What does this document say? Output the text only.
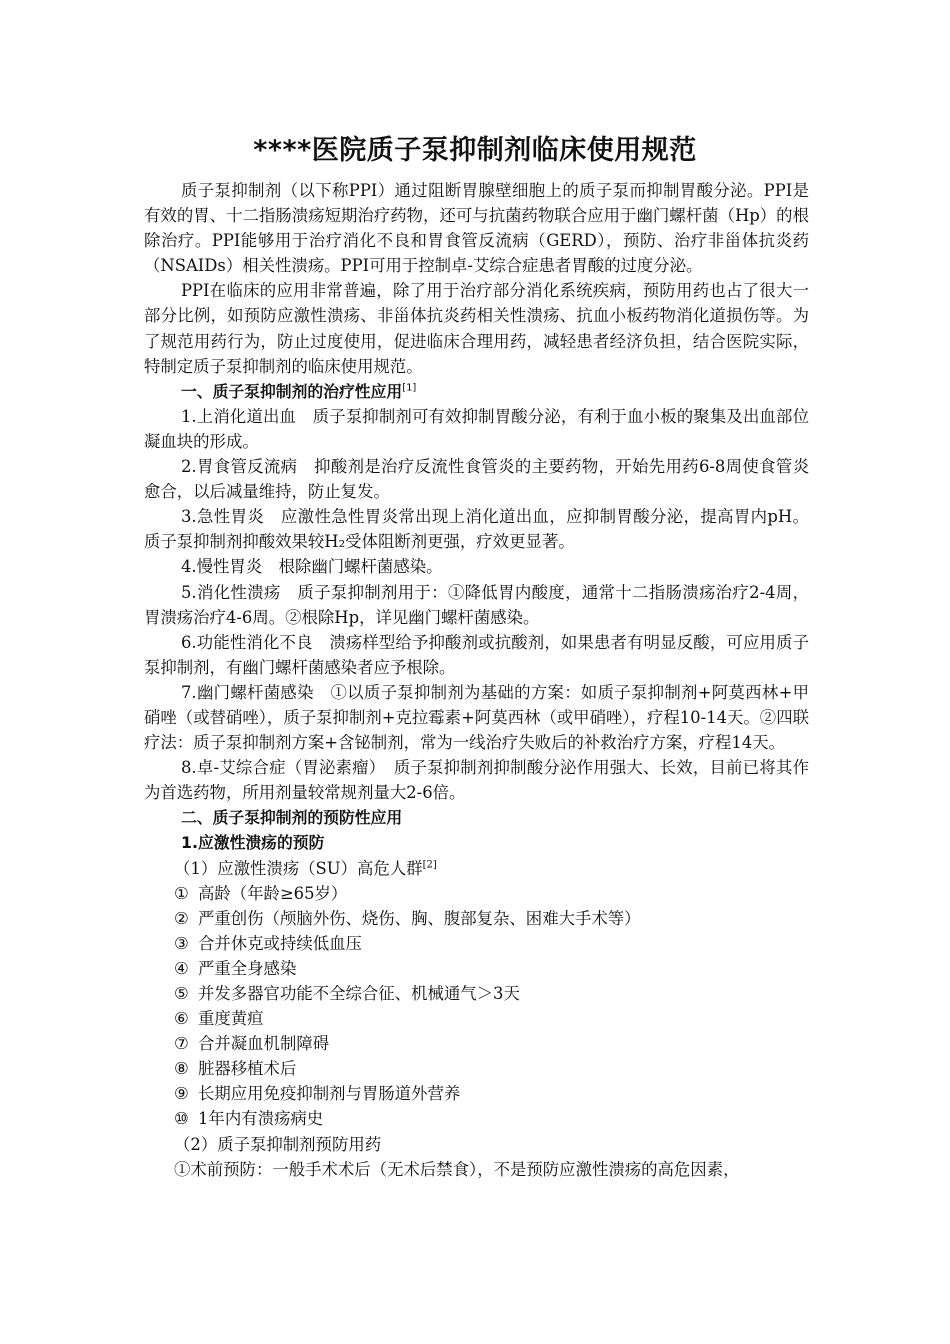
****医院质子泵抑制剂临床使用规范

质子泵抑制剂（以下称PPI）通过阻断胃腺壁细胞上的质子泵而抑制胃酸分泌。PPI是有效的胃、十二指肠溃疡短期治疗药物，还可与抗菌药物联合应用于幽门螺杆菌（Hp）的根除治疗。PPI能够用于治疗消化不良和胃食管反流病（GERD），预防、治疗非甾体抗炎药（NSAIDs）相关性溃疡。PPI可用于控制卓-艾综合症患者胃酸的过度分泌。

PPI在临床的应用非常普遍，除了用于治疗部分消化系统疾病，预防用药也占了很大一部分比例，如预防应激性溃疡、非甾体抗炎药相关性溃疡、抗血小板药物消化道损伤等。为了规范用药行为，防止过度使用，促进临床合理用药，减轻患者经济负担，结合医院实际，特制定质子泵抑制剂的临床使用规范。

一、质子泵抑制剂的治疗性应用[1]

1.上消化道出血　质子泵抑制剂可有效抑制胃酸分泌，有利于血小板的聚集及出血部位凝血块的形成。

2.胃食管反流病　抑酸剂是治疗反流性食管炎的主要药物，开始先用药6-8周使食管炎愈合，以后减量维持，防止复发。

3.急性胃炎　应激性急性胃炎常出现上消化道出血，应抑制胃酸分泌，提高胃内pH。质子泵抑制剂抑酸效果较H₂受体阻断剂更强，疗效更显著。

4.慢性胃炎　根除幽门螺杆菌感染。

5.消化性溃疡　质子泵抑制剂用于：①降低胃内酸度，通常十二指肠溃疡治疗2-4周，胃溃疡治疗4-6周。②根除Hp，详见幽门螺杆菌感染。

6.功能性消化不良　溃疡样型给予抑酸剂或抗酸剂，如果患者有明显反酸，可应用质子泵抑制剂，有幽门螺杆菌感染者应予根除。

7.幽门螺杆菌感染　①以质子泵抑制剂为基础的方案：如质子泵抑制剂+阿莫西林+甲硝唑（或替硝唑），质子泵抑制剂+克拉霉素+阿莫西林（或甲硝唑），疗程10-14天。②四联疗法：质子泵抑制剂方案+含铋制剂，常为一线治疗失败后的补救治疗方案，疗程14天。

8.卓-艾综合症（胃泌素瘤）　质子泵抑制剂抑制酸分泌作用强大、长效，目前已将其作为首选药物，所用剂量较常规剂量大2-6倍。

二、质子泵抑制剂的预防性应用

1.应激性溃疡的预防

（1）应激性溃疡（SU）高危人群[2]

① 高龄（年龄≥65岁）

② 严重创伤（颅脑外伤、烧伤、胸、腹部复杂、困难大手术等）

③ 合并休克或持续低血压

④ 严重全身感染

⑤ 并发多器官功能不全综合征、机械通气＞3天

⑥ 重度黄疸

⑦ 合并凝血机制障碍

⑧ 脏器移植术后

⑨ 长期应用免疫抑制剂与胃肠道外营养

⑩ 1年内有溃疡病史

（2）质子泵抑制剂预防用药

①术前预防：一般手术术后（无术后禁食），不是预防应激性溃疡的高危因素，
